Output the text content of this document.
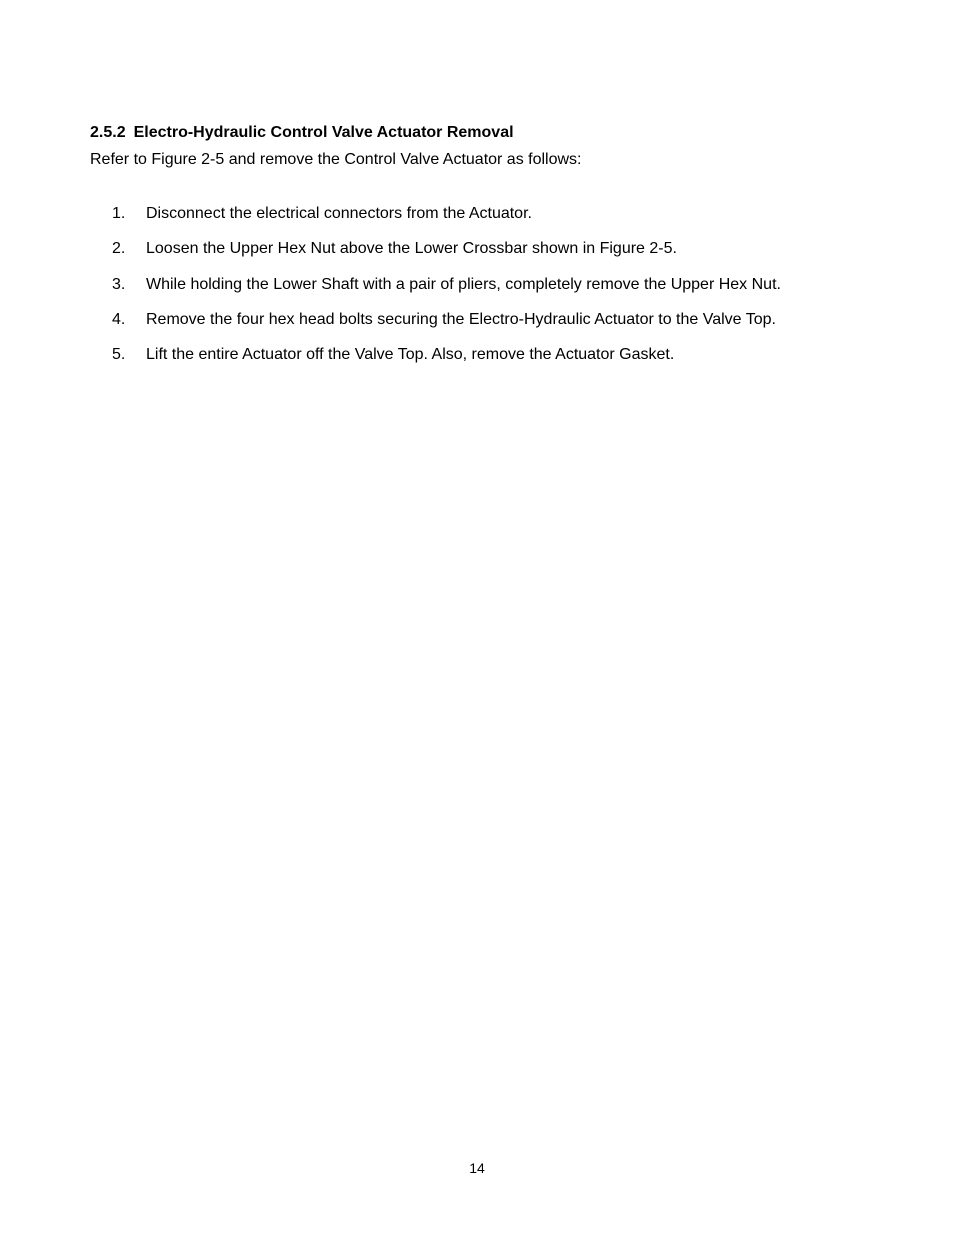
2.5.2 Electro-Hydraulic Control Valve Actuator Removal
Refer to Figure 2-5 and remove the Control Valve Actuator as follows:
1. Disconnect the electrical connectors from the Actuator.
2. Loosen the Upper Hex Nut above the Lower Crossbar shown in Figure 2-5.
3. While holding the Lower Shaft with a pair of pliers, completely remove the Upper Hex Nut.
4. Remove the four hex head bolts securing the Electro-Hydraulic Actuator to the Valve Top.
5. Lift the entire Actuator off the Valve Top. Also, remove the Actuator Gasket.
14
